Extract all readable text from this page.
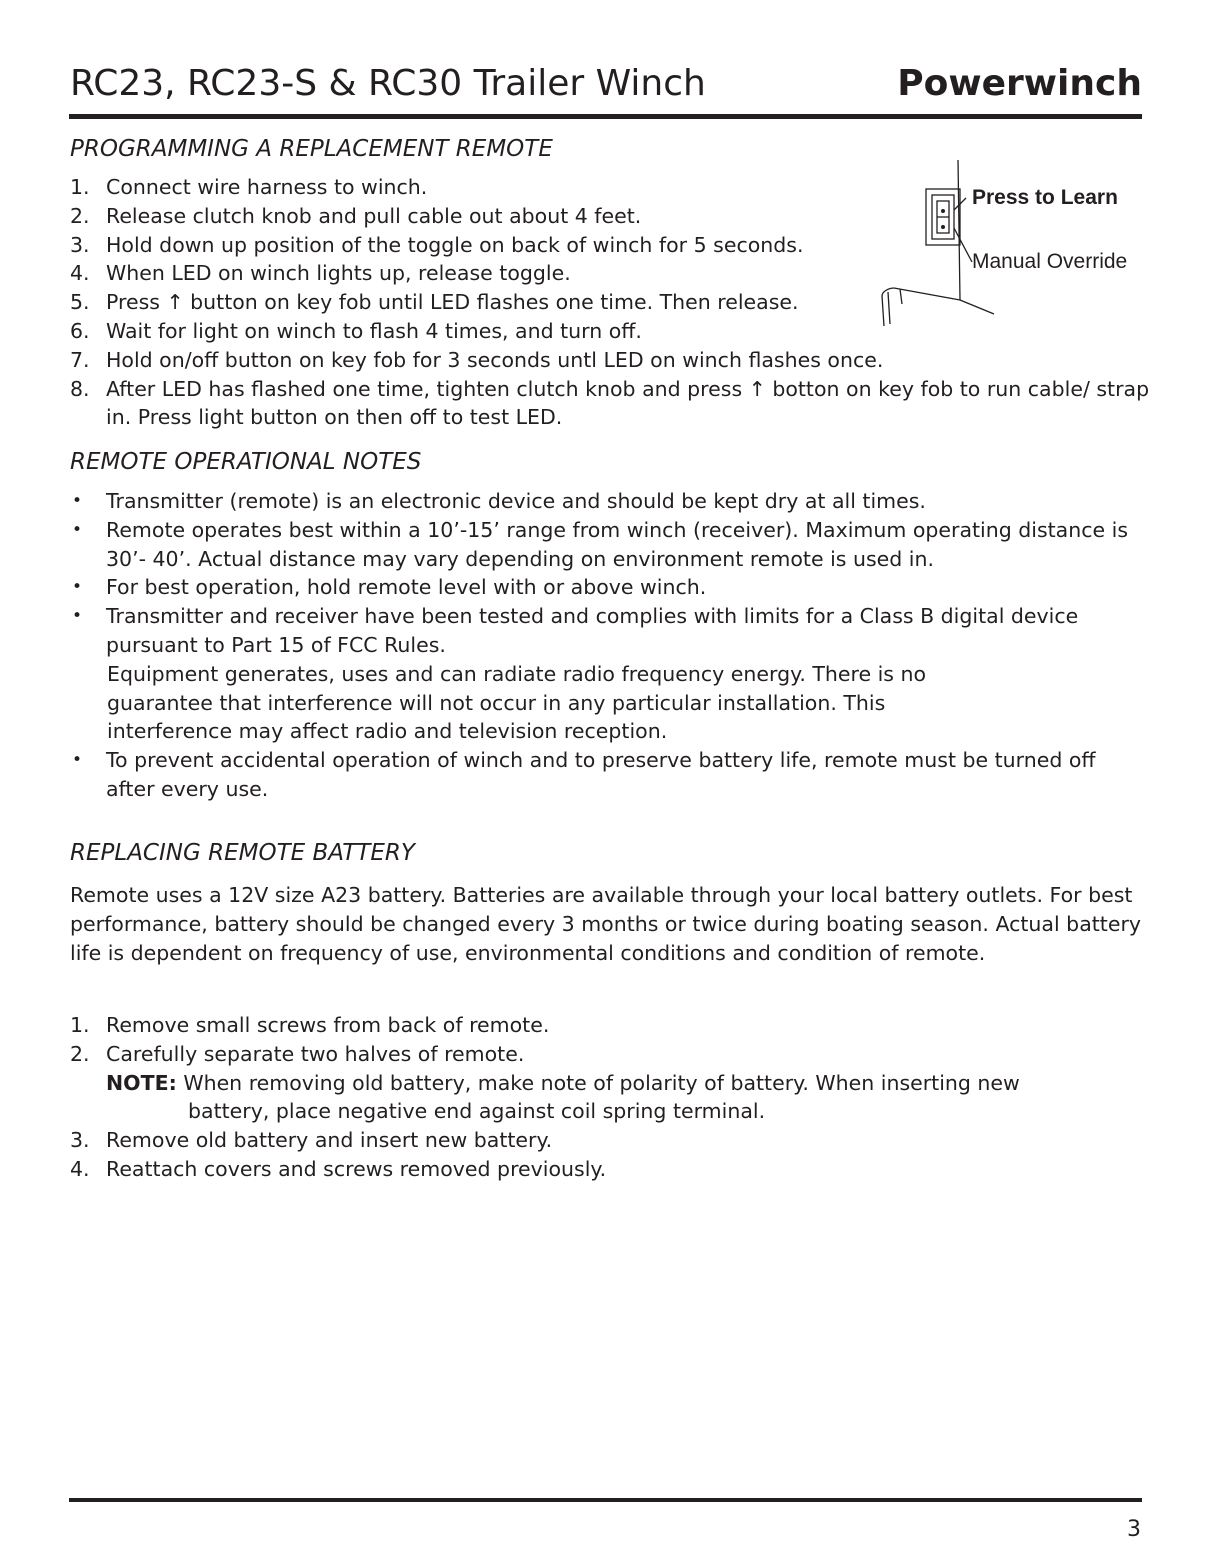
RC23, RC23-S & RC30 Trailer Winch	Powerwinch
PROGRAMMING A REPLACEMENT REMOTE
1. Connect wire harness to winch.
2. Release clutch knob and pull cable out about 4 feet.
3. Hold down up position of the toggle on back of winch for 5 seconds.
4. When LED on winch lights up, release toggle.
5. Press ↑ button on key fob until LED flashes one time. Then release.
6. Wait for light on winch to flash 4 times, and turn off.
7. Hold on/off button on key fob for 3 seconds untl LED on winch flashes once.
8. After LED has flashed one time, tighten clutch knob and press ↑ botton on key fob to run cable/ strap in. Press light button on then off to test LED.
Press to Learn
Manual Override
REMOTE OPERATIONAL NOTES
• Transmitter (remote) is an electronic device and should be kept dry at all times.
• Remote operates best within a 10’-15’ range from winch (receiver). Maximum operating distance is 30’- 40’. Actual distance may vary depending on environment remote is used in.
• For best operation, hold remote level with or above winch.
• Transmitter and receiver have been tested and complies with limits for a Class B digital device pursuant to Part 15 of FCC Rules.
Equipment generates, uses and can radiate radio frequency energy. There is no guarantee that interference will not occur in any particular installation. This interference may affect radio and television reception.
• To prevent accidental operation of winch and to preserve battery life, remote must be turned off after every use.
REPLACING REMOTE BATTERY

Remote uses a 12V size A23 battery. Batteries are available through your local battery outlets. For best performance, battery should be changed every 3 months or twice during boating season. Actual battery life is dependent on frequency of use, environmental conditions and condition of remote.

1. Remove small screws from back of remote.
2. Carefully separate two halves of remote.
NOTE: When removing old battery, make note of polarity of battery. When inserting new
battery, place negative end against coil spring terminal.
3. Remove old battery and insert new battery.
4. Reattach covers and screws removed previously.
3
